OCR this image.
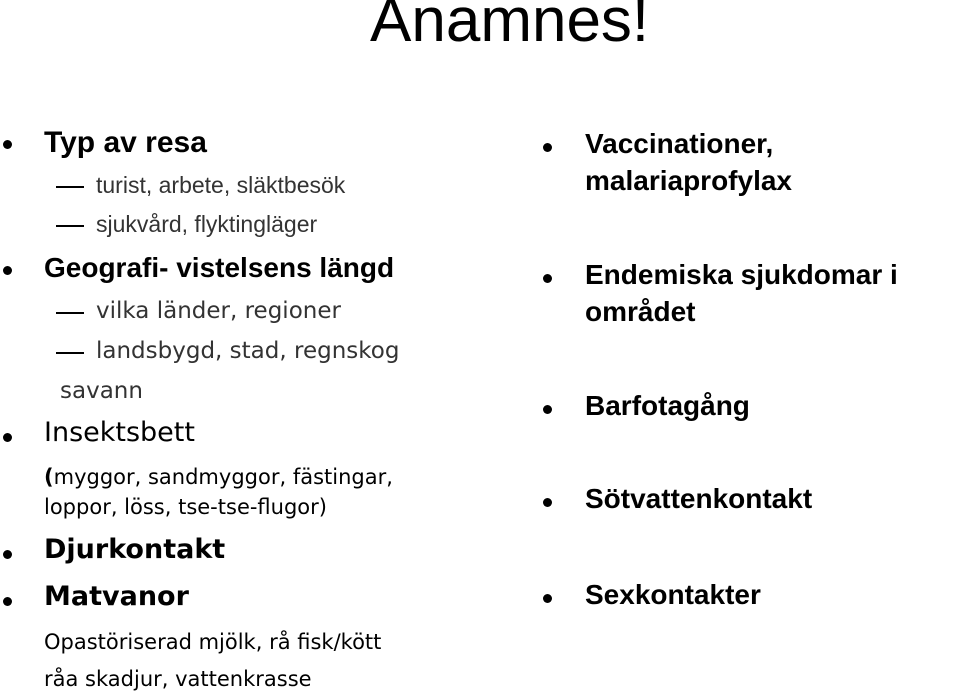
Anamnes!
Typ av resa
turist, arbete, släktbesök
sjukvård, flyktingläger
Geografi- vistelsens längd
vilka länder, regioner
landsbygd, stad, regnskog
savann
Insektsbett
(myggor, sandmyggor, fästingar,
loppor, löss, tse-tse-flugor)
Djurkontakt
Matvanor
Opastöriserad mjölk, rå fisk/kött
råa skadjur, vattenkrasse
Vaccinationer,
malariaprofylax
Endemiska sjukdomar i
området
Barfotagång
Sötvattenkontakt
Sexkontakter
